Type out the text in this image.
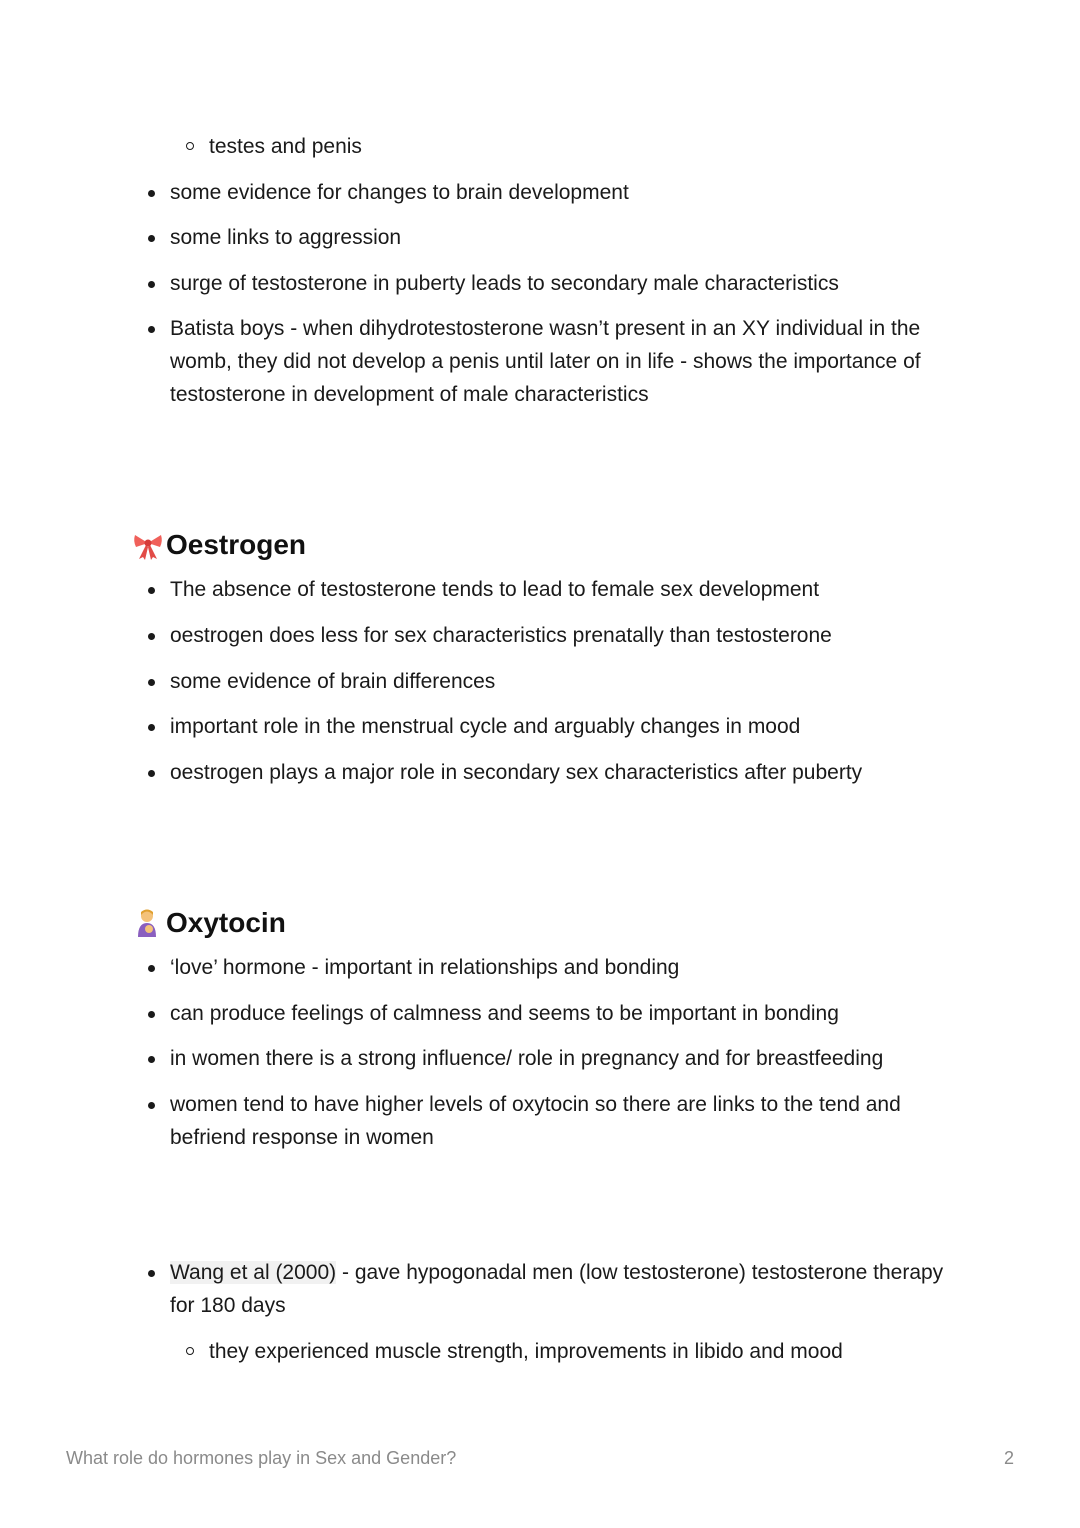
testes and penis
some evidence for changes to brain development
some links to aggression
surge of testosterone in puberty leads to secondary male characteristics
Batista boys - when dihydrotestosterone wasn’t present in an XY individual in the womb, they did not develop a penis until later on in life - shows the importance of testosterone in development of male characteristics
Oestrogen
The absence of testosterone tends to lead to female sex development
oestrogen does less for sex characteristics prenatally than testosterone
some evidence of brain differences
important role in the menstrual cycle and arguably changes in mood
oestrogen plays a major role in secondary sex characteristics after puberty
Oxytocin
‘love’ hormone - important in relationships and bonding
can produce feelings of calmness and seems to be important in bonding
in women there is a strong influence/ role in pregnancy and for breastfeeding
women tend to have higher levels of oxytocin so there are links to the tend and befriend response in women
Wang et al (2000) - gave hypogonadal men (low testosterone) testosterone therapy for 180 days
they experienced muscle strength, improvements in libido and mood
What role do hormones play in Sex and Gender?	2
